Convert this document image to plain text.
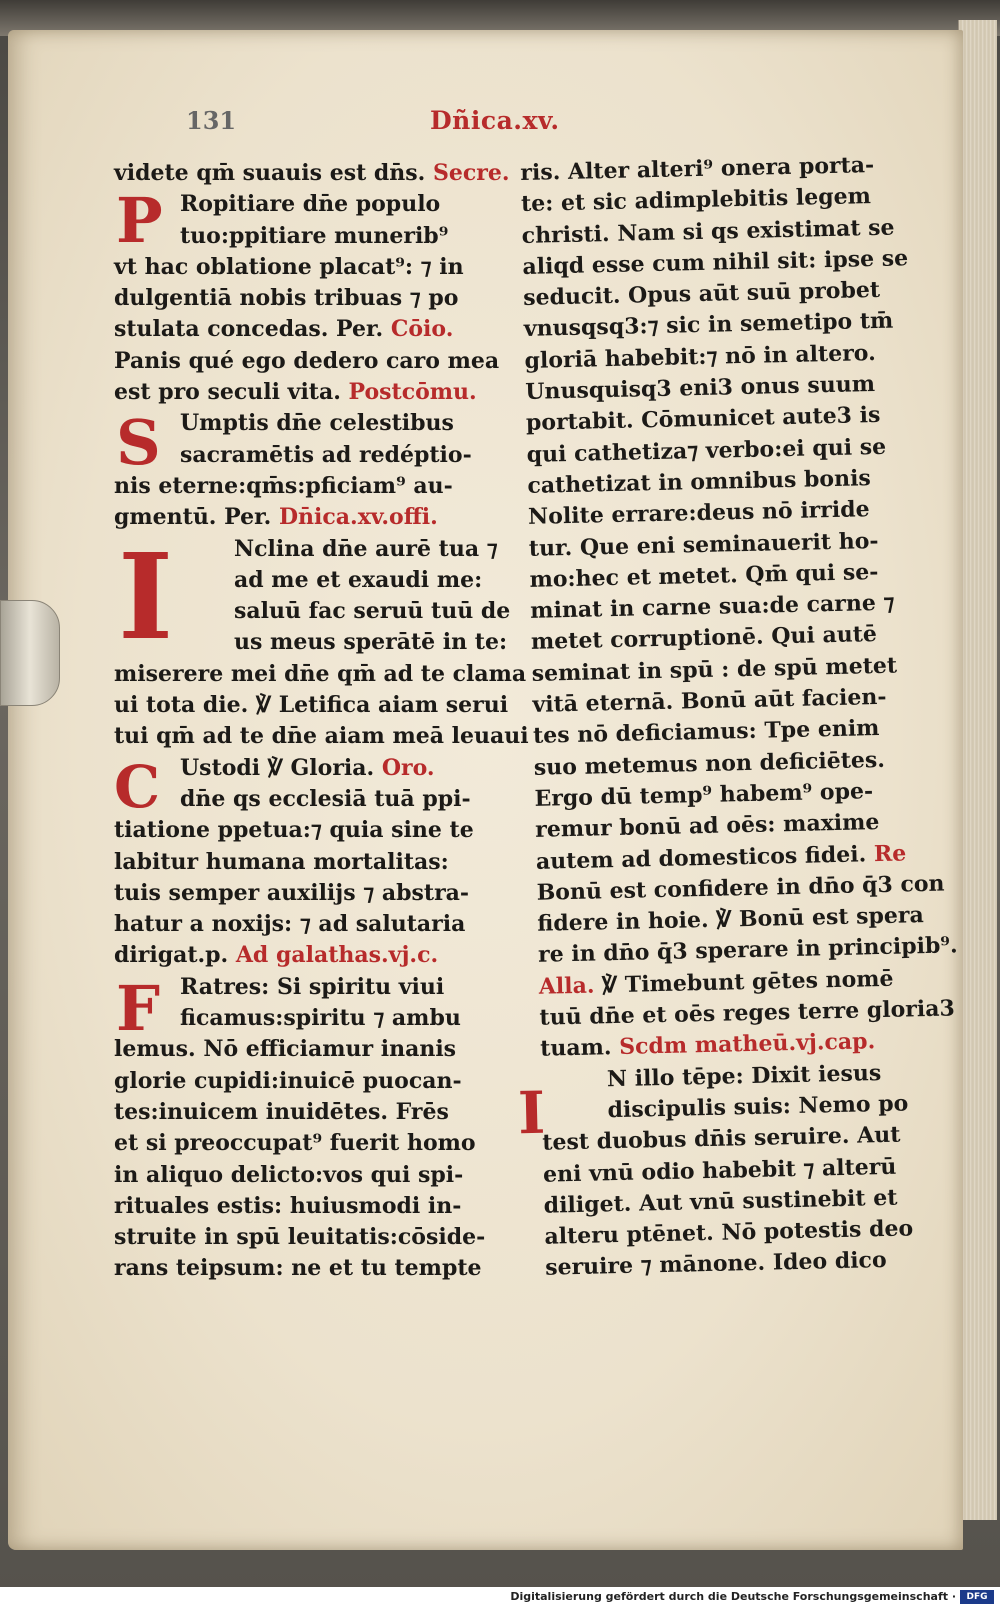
131	Dñica.xv.
P
S
I
C
F
I
videte qm̄ suauis est dn̄s. Secre.
Ropitiare dn̄e populo
tuo:ppitiare munerib⁹
vt hac oblatione placat⁹: ⁊ in
dulgentiā nobis tribuas ⁊ po
stulata concedas. Per. Cōio.
Panis qué ego dedero caro mea
est pro seculi vita. Postcōmu.
Umptis dn̄e celestibus
sacramētis ad redéptio-
nis eterne:qm̄s:pficiam⁹ au-
gmentū. Per. Dn̄ica.xv.offi.
Nclina dn̄e aurē tua ⁊
ad me et exaudi me:
saluū fac seruū tuū de
us meus sperātē in te:
miserere mei dn̄e qm̄ ad te clama
ui tota die. ℣ Letifica aiam serui
tui qm̄ ad te dn̄e aiam meā leuaui
Ustodi ℣ Gloria. Oro.
dn̄e qs ecclesiā tuā ppi-
tiatione ppetua:⁊ quia sine te
labitur humana mortalitas:
tuis semper auxilijs ⁊ abstra-
hatur a noxijs: ⁊ ad salutaria
dirigat.p. Ad galathas.vj.c.
Ratres: Si spiritu viui
ficamus:spiritu ⁊ ambu
lemus. Nō efficiamur inanis
glorie cupidi:inuicē puocan-
tes:inuicem inuidētes. Frēs
et si preoccupat⁹ fuerit homo
in aliquo delicto:vos qui spi-
rituales estis: huiusmodi in-
struite in spū leuitatis:cōside-
rans teipsum: ne et tu tempte
ris. Alter alteri⁹ onera porta-
te: et sic adimplebitis legem
christi. Nam si qs existimat se
aliqd esse cum nihil sit: ipse se
seducit. Opus aūt suū probet
vnusqsq3:⁊ sic in semetipo tm̄
gloriā habebit:⁊ nō in altero.
Unusquisq3 eni3 onus suum
portabit. Cōmunicet aute3 is
qui cathetiza⁊ verbo:ei qui se
cathetizat in omnibus bonis
Nolite errare:deus nō irride
tur. Que eni seminauerit ho-
mo:hec et metet. Qm̄ qui se-
minat in carne sua:de carne ⁊
metet corruptionē. Qui autē
seminat in spū : de spū metet
vitā eternā. Bonū aūt facien-
tes nō deficiamus: Tpe enim
suo metemus non deficiētes.
Ergo dū temp⁹ habem⁹ ope-
remur bonū ad oēs: maxime
autem ad domesticos fidei. Re
Bonū est confidere in dn̄o q̄3 con
fidere in hoie. ℣ Bonū est spera
re in dn̄o q̄3 sperare in principib⁹.
Alla. ℣ Timebunt gētes nomē
tuū dn̄e et oēs reges terre gloria3
tuam. Scdm matheū.vj.cap.
N illo tēpe: Dixit iesus
discipulis suis: Nemo po
test duobus dn̄is seruire. Aut
eni vnū odio habebit ⁊ alterū
diliget. Aut vnū sustinebit et
alteru ptēnet. Nō potestis deo
seruire ⁊ mānone. Ideo dico
Digitalisierung gefördert durch die Deutsche Forschungsgemeinschaft ·	DFG
